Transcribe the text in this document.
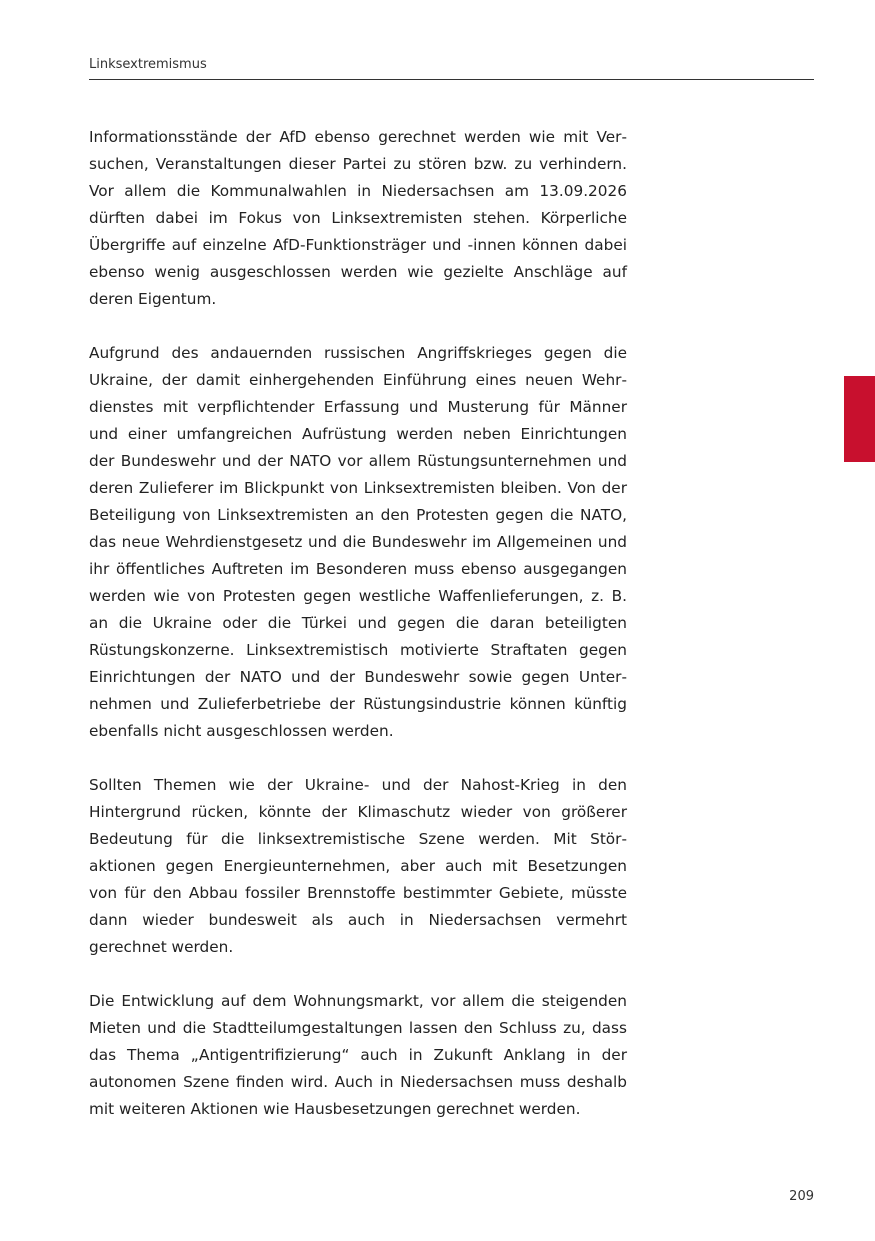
Linksextremismus

Informationsstände der AfD ebenso gerechnet werden wie mit Versuchen, Veranstaltungen dieser Partei zu stören bzw. zu verhindern. Vor allem die Kommunalwahlen in Niedersachsen am 13.09.2026 dürften dabei im Fokus von Linksextremisten stehen. Körperliche Übergriffe auf einzelne AfD-Funktionsträger und -innen können dabei ebenso wenig ausgeschlossen werden wie gezielte Anschläge auf deren Eigentum.

Aufgrund des andauernden russischen Angriffskrieges gegen die Ukraine, der damit einhergehenden Einführung eines neuen Wehrdienstes mit verpflichtender Erfassung und Musterung für Männer und einer umfangreichen Aufrüstung werden neben Einrichtungen der Bundeswehr und der NATO vor allem Rüstungsunternehmen und deren Zulieferer im Blickpunkt von Linksextremisten bleiben. Von der Beteiligung von Linksextremisten an den Protesten gegen die NATO, das neue Wehrdienstgesetz und die Bundeswehr im Allgemeinen und ihr öffentliches Auftreten im Besonderen muss ebenso ausgegangen werden wie von Protesten gegen westliche Waffenlieferungen, z. B. an die Ukraine oder die Türkei und gegen die daran beteiligten Rüstungskonzerne. Linksextremistisch motivierte Straftaten gegen Einrichtungen der NATO und der Bundeswehr sowie gegen Unternehmen und Zulieferbetriebe der Rüstungsindustrie können künftig ebenfalls nicht ausgeschlossen werden.

Sollten Themen wie der Ukraine- und der Nahost-Krieg in den Hintergrund rücken, könnte der Klimaschutz wieder von größerer Bedeutung für die linksextremistische Szene werden. Mit Störaktionen gegen Energieunternehmen, aber auch mit Besetzungen von für den Abbau fossiler Brennstoffe bestimmter Gebiete, müsste dann wieder bundesweit als auch in Niedersachsen vermehrt gerechnet werden.

Die Entwicklung auf dem Wohnungsmarkt, vor allem die steigenden Mieten und die Stadtteilumgestaltungen lassen den Schluss zu, dass das Thema „Antigentrifizierung“ auch in Zukunft Anklang in der autonomen Szene finden wird. Auch in Niedersachsen muss deshalb mit weiteren Aktionen wie Hausbesetzungen gerechnet werden.

209
